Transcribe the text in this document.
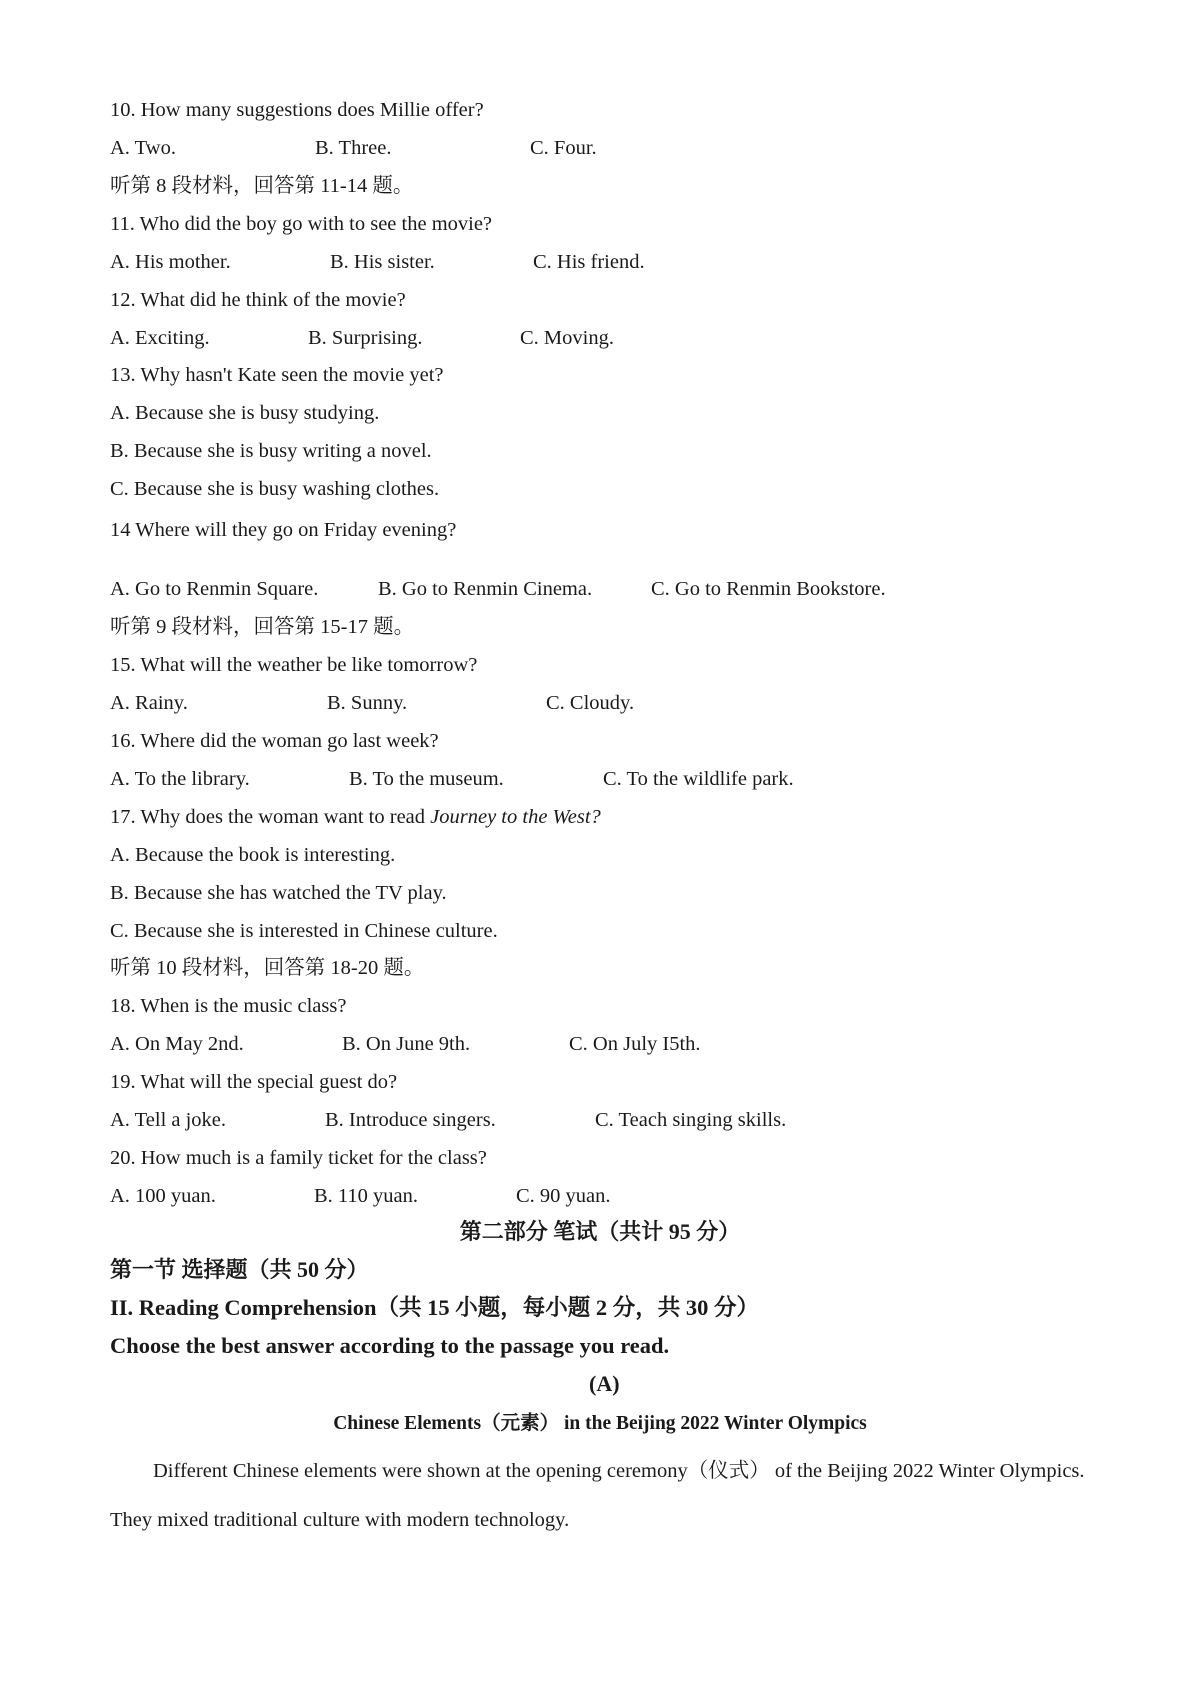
10. How many suggestions does Millie offer?
A. Two.	B. Three.	C. Four.
听第 8 段材料，回答第 11-14 题。
11. Who did the boy go with to see the movie?
A. His mother.	B. His sister.	C. His friend.
12. What did he think of the movie?
A. Exciting.	B. Surprising.	C. Moving.
13. Why hasn't Kate seen the movie yet?
A. Because she is busy studying.
B. Because she is busy writing a novel.
C. Because she is busy washing clothes.
14 Where will they go on Friday evening?
A. Go to Renmin Square.	B. Go to Renmin Cinema.	C. Go to Renmin Bookstore.
听第 9 段材料，回答第 15-17 题。
15. What will the weather be like tomorrow?
A. Rainy.	B. Sunny.	C. Cloudy.
16. Where did the woman go last week?
A. To the library.	B. To the museum.	C. To the wildlife park.
17. Why does the woman want to read Journey to the West?
A. Because the book is interesting.
B. Because she has watched the TV play.
C. Because she is interested in Chinese culture.
听第 10 段材料，回答第 18-20 题。
18. When is the music class?
A. On May 2nd.	B. On June 9th.	C. On July I5th.
19. What will the special guest do?
A. Tell a joke.	B. Introduce singers.	C. Teach singing skills.
20. How much is a family ticket for the class?
A. 100 yuan.	B. 110 yuan.	C. 90 yuan.
第二部分 笔试（共计 95 分）
第一节 选择题（共 50 分）
II. Reading Comprehension（共 15 小题，每小题 2 分，共 30 分）
Choose the best answer according to the passage you read.
(A)
Chinese Elements（元素） in the Beijing 2022 Winter Olympics
Different Chinese elements were shown at the opening ceremony（仪式） of the Beijing 2022 Winter Olympics.
They mixed traditional culture with modern technology.
